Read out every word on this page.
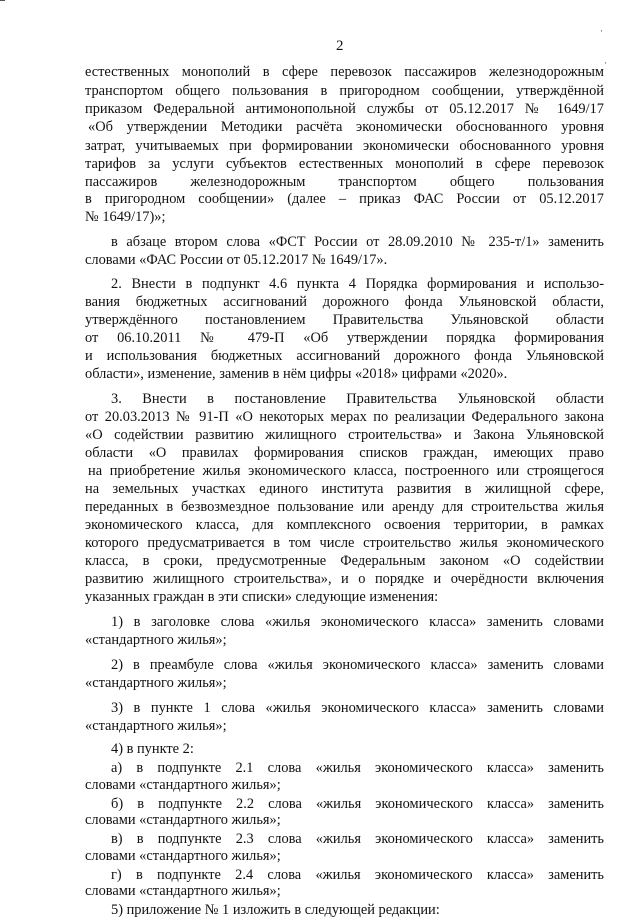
·
·
2
естественных монополий в сфере перевозок пассажиров железнодорожным
транспортом общего пользования в пригородном сообщении, утверждённой
приказом Федеральной антимонопольной службы от 05.12.2017 № 1649/17
«Об утверждении Методики расчёта экономически обоснованного уровня
затрат, учитываемых при формировании экономически обоснованного уровня
тарифов за услуги субъектов естественных монополий в сфере перевозок
пассажиров железнодорожным транспортом общего пользования
в пригородном сообщении» (далее – приказ ФАС России от 05.12.2017
№ 1649/17)»;
в абзаце втором слова «ФСТ России от 28.09.2010 № 235-т/1» заменить
словами «ФАС России от 05.12.2017 № 1649/17».
2. Внести в подпункт 4.6 пункта 4 Порядка формирования и использо-
вания бюджетных ассигнований дорожного фонда Ульяновской области,
утверждённого постановлением Правительства Ульяновской области
от 06.10.2011 № 479-П «Об утверждении порядка формирования
и использования бюджетных ассигнований дорожного фонда Ульяновской
области», изменение, заменив в нём цифры «2018» цифрами «2020».
3. Внести в постановление Правительства Ульяновской области
от 20.03.2013 № 91-П «О некоторых мерах по реализации Федерального закона
«О содействии развитию жилищного строительства» и Закона Ульяновской
области «О правилах формирования списков граждан, имеющих право
на приобретение жилья экономического класса, построенного или строящегося
на земельных участках единого института развития в жилищной сфере,
переданных в безвозмездное пользование или аренду для строительства жилья
экономического класса, для комплексного освоения территории, в рамках
которого предусматривается в том числе строительство жилья экономического
класса, в сроки, предусмотренные Федеральным законом «О содействии
развитию жилищного строительства», и о порядке и очерёдности включения
указанных граждан в эти списки» следующие изменения:
1) в заголовке слова «жилья экономического класса» заменить словами
«стандартного жилья»;
2) в преамбуле слова «жилья экономического класса» заменить словами
«стандартного жилья»;
3) в пункте 1 слова «жилья экономического класса» заменить словами
«стандартного жилья»;
4) в пункте 2:
а) в подпункте 2.1 слова «жилья экономического класса» заменить
словами «стандартного жилья»;
б) в подпункте 2.2 слова «жилья экономического класса» заменить
словами «стандартного жилья»;
в) в подпункте 2.3 слова «жилья экономического класса» заменить
словами «стандартного жилья»;
г) в подпункте 2.4 слова «жилья экономического класса» заменить
словами «стандартного жилья»;
5) приложение № 1 изложить в следующей редакции:
